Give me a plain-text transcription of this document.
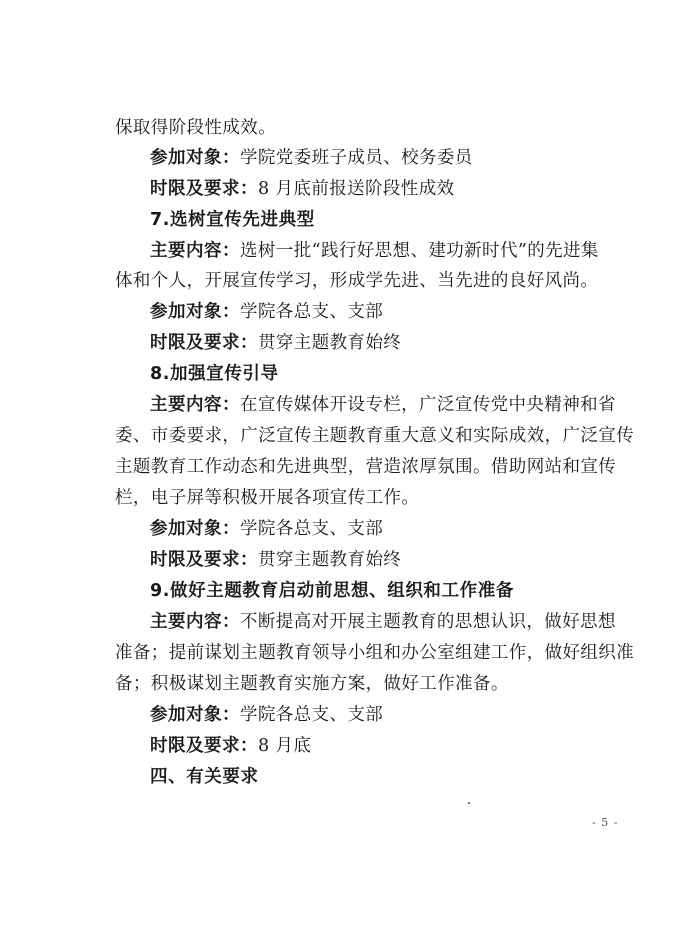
保取得阶段性成效。
参加对象：学院党委班子成员、校务委员
时限及要求：8 月底前报送阶段性成效
7.选树宣传先进典型
主要内容：选树一批“践行好思想、建功新时代”的先进集
体和个人，开展宣传学习，形成学先进、当先进的良好风尚。
参加对象：学院各总支、支部
时限及要求：贯穿主题教育始终
8.加强宣传引导
主要内容：在宣传媒体开设专栏，广泛宣传党中央精神和省
委、市委要求，广泛宣传主题教育重大意义和实际成效，广泛宣传
主题教育工作动态和先进典型，营造浓厚氛围。借助网站和宣传
栏，电子屏等积极开展各项宣传工作。
参加对象：学院各总支、支部
时限及要求：贯穿主题教育始终
9.做好主题教育启动前思想、组织和工作准备
主要内容：不断提高对开展主题教育的思想认识，做好思想
准备；提前谋划主题教育领导小组和办公室组建工作，做好组织准
备；积极谋划主题教育实施方案，做好工作准备。
参加对象：学院各总支、支部
时限及要求：8 月底
四、有关要求
- 5 -
